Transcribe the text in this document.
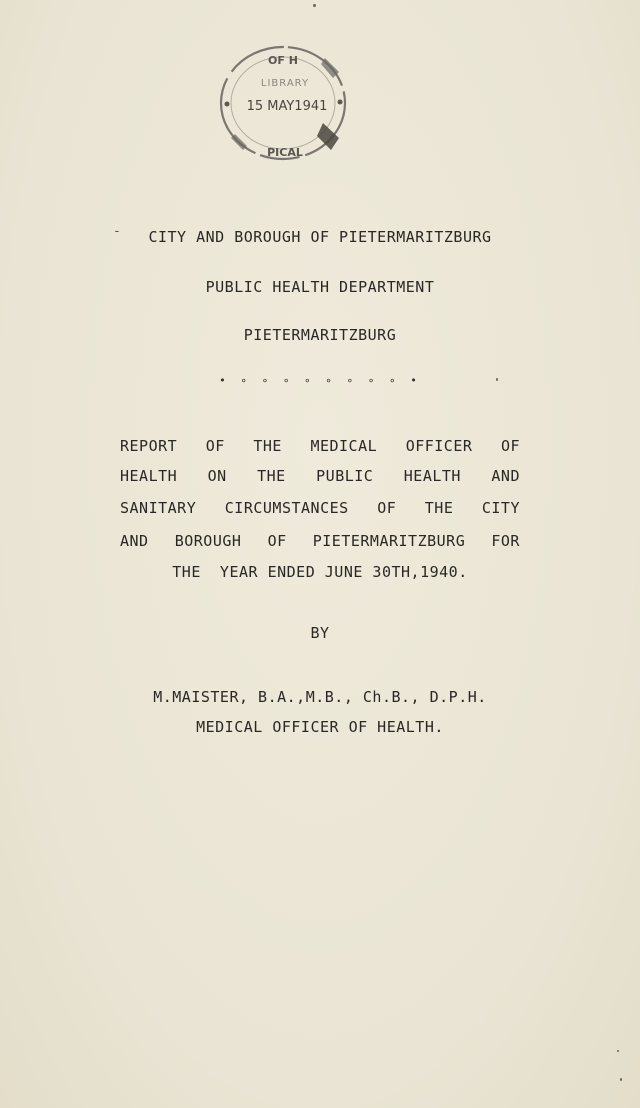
OF H
LIBRARY
15 MAY1941
PICAL
-	CITY AND BOROUGH OF PIETERMARITZBURG
PUBLIC HEALTH DEPARTMENT
PIETERMARITZBURG
• ∘ ∘ ∘ ∘ ∘ ∘ ∘ ∘ •
REPORT OF THE MEDICAL OFFICER OF
HEALTH ON THE PUBLIC HEALTH AND
SANITARY CIRCUMSTANCES OF THE CITY
AND BOROUGH OF PIETERMARITZBURG FOR
THE  YEAR ENDED JUNE 30TH,1940.
BY
M.MAISTER, B.A.,M.B., Ch.B., D.P.H.
MEDICAL OFFICER OF HEALTH.
